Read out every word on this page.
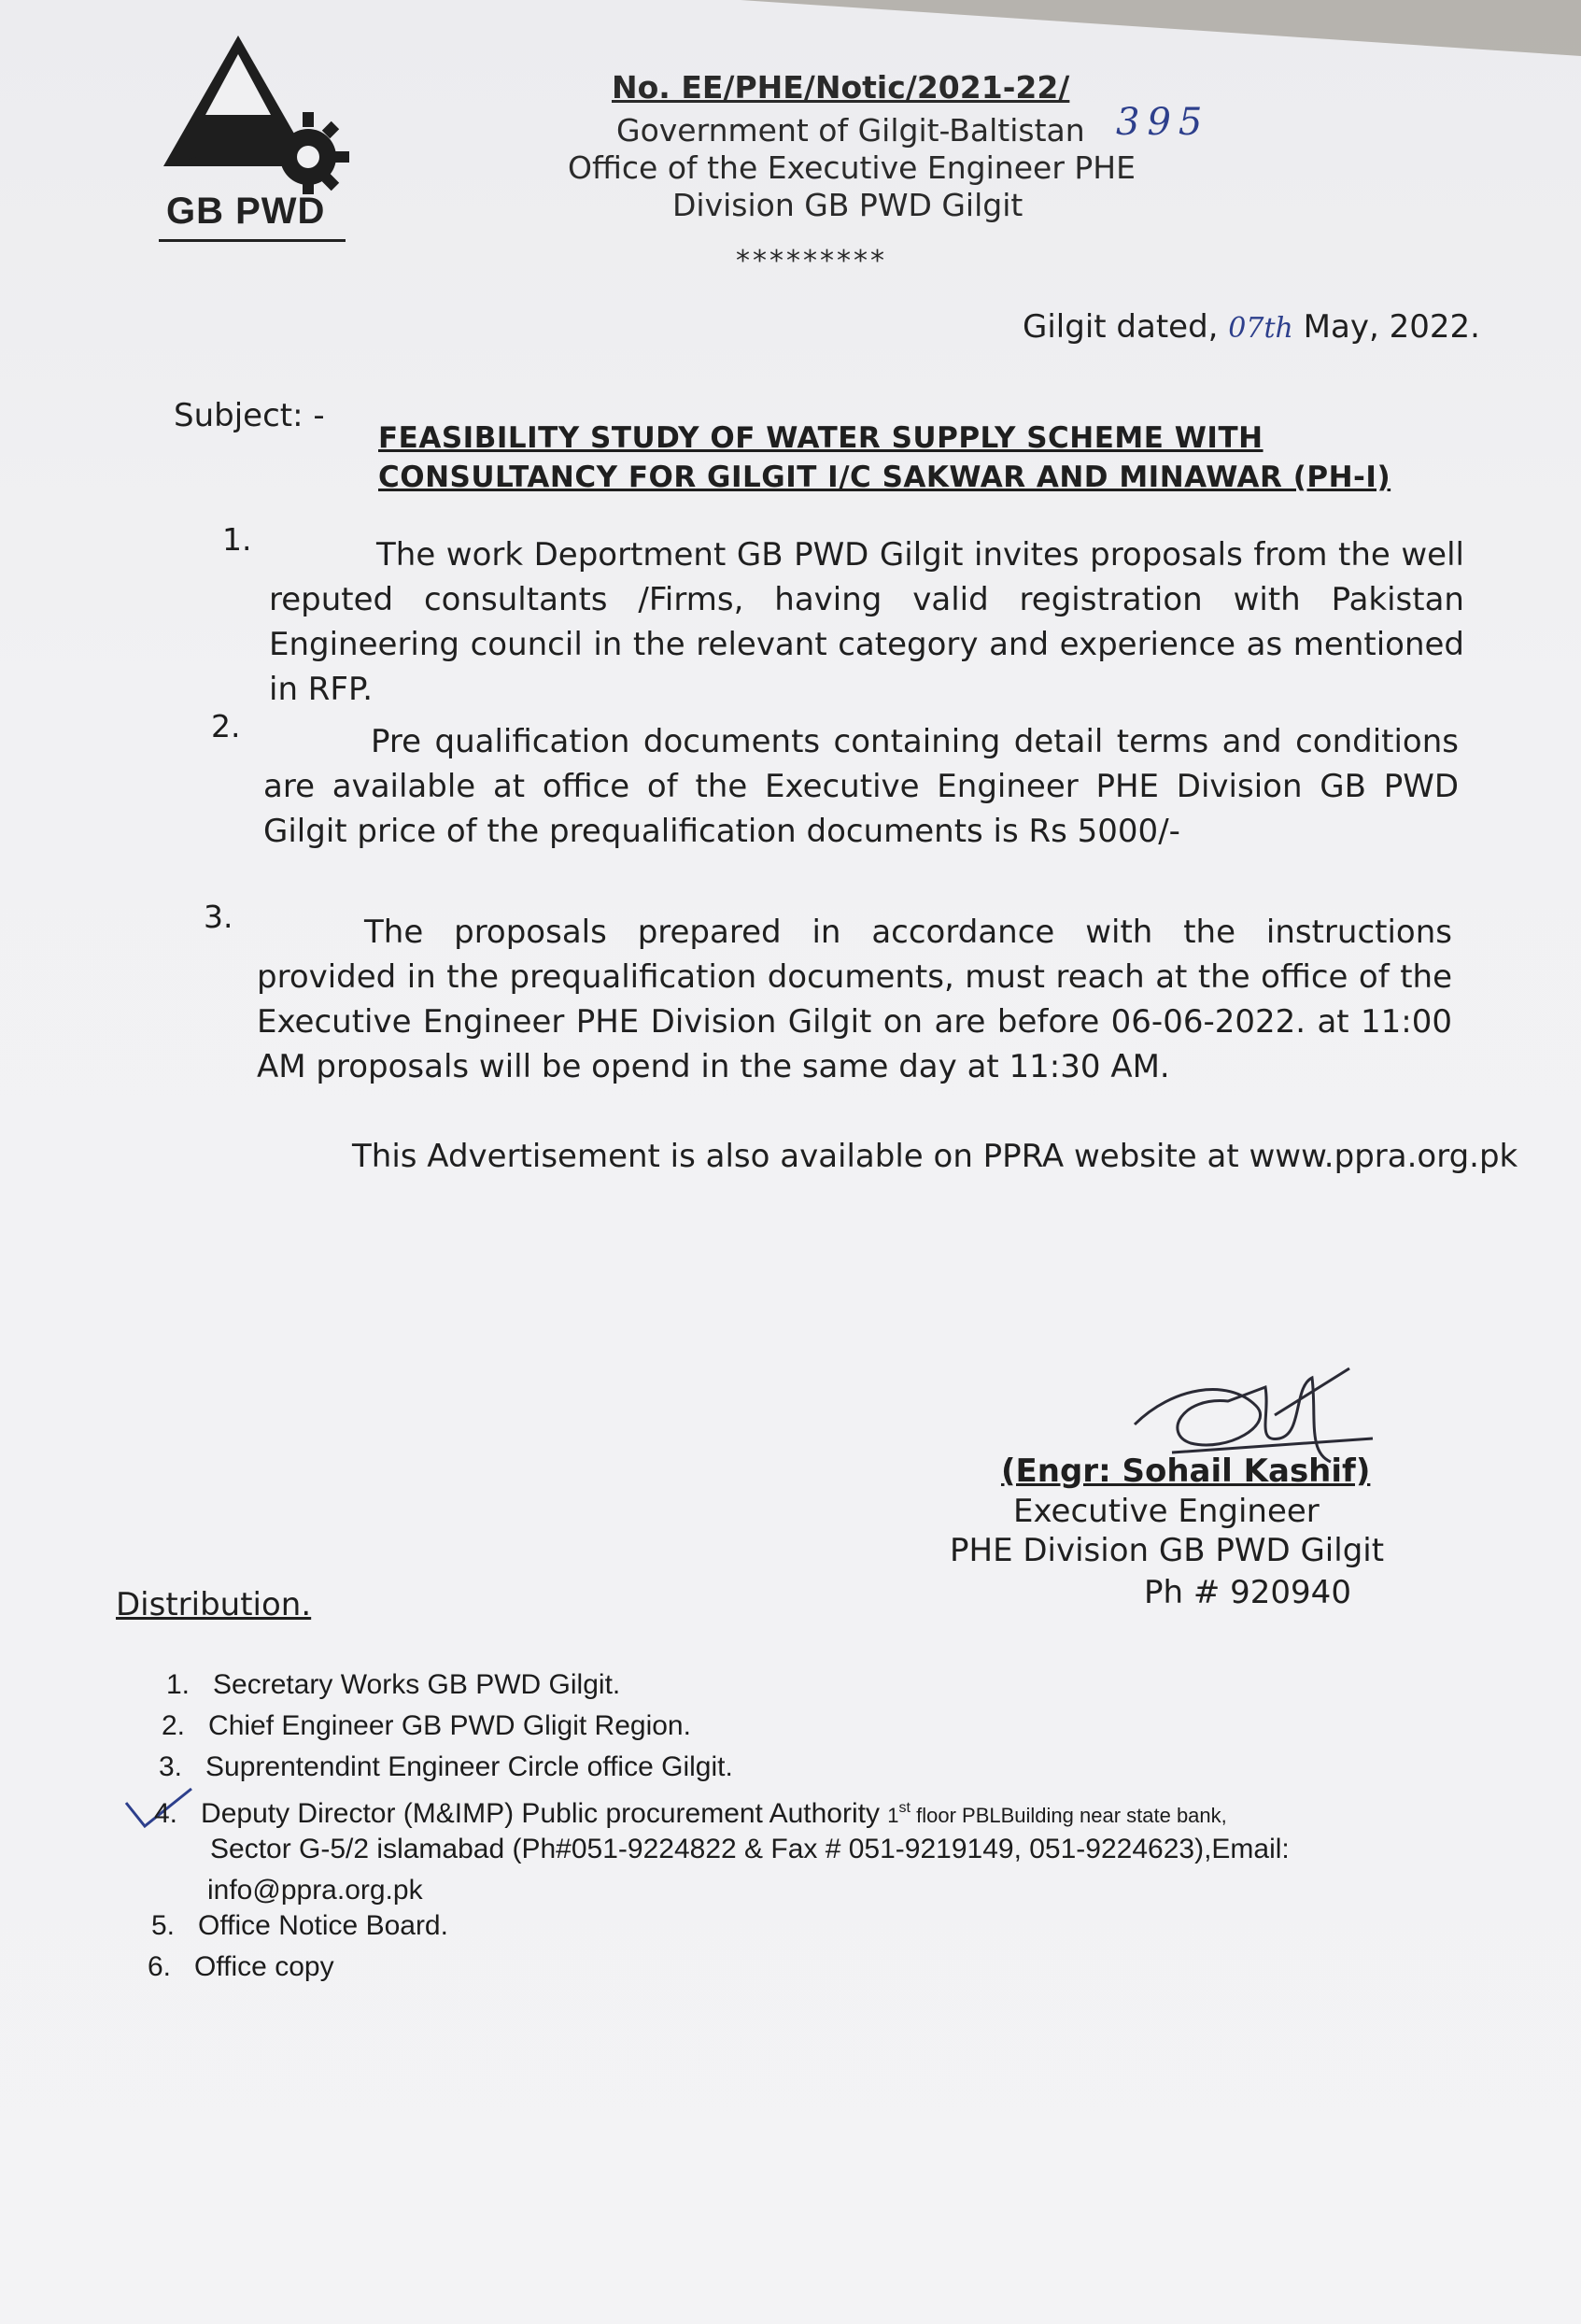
GB PWD
No. EE/PHE/Notic/2021-22/
395
Government of Gilgit-Baltistan
Office of the Executive Engineer PHE
Division GB PWD Gilgit
*********
Gilgit dated, 07th May, 2022.
Subject: -
FEASIBILITY STUDY OF WATER SUPPLY SCHEME WITH CONSULTANCY FOR GILGIT I/C SAKWAR AND MINAWAR (PH-I)
1.	The work Deportment GB PWD Gilgit invites proposals from the well reputed consultants /Firms, having valid registration with Pakistan Engineering council in the relevant category and experience as mentioned in RFP.
2.	Pre qualification documents containing detail terms and conditions are available at office of the Executive Engineer PHE Division GB PWD Gilgit price of the prequalification documents is Rs 5000/-
3.	The proposals prepared in accordance with the instructions provided in the prequalification documents, must reach at the office of the Executive Engineer PHE Division Gilgit on are before 06-06-2022. at 11:00 AM proposals will be opend in the same day at 11:30 AM.
This Advertisement is also available on PPRA website at www.ppra.org.pk
(Engr: Sohail Kashif)
Executive Engineer
PHE Division GB PWD Gilgit
Ph # 920940
Distribution.
1. Secretary Works GB PWD Gilgit.
2. Chief Engineer GB PWD Gligit Region.
3. Suprentendint Engineer Circle office Gilgit.
4. Deputy Director (M&IMP) Public procurement Authority 1st floor PBLBuilding near state bank,
Sector G-5/2 islamabad (Ph#051-9224822 & Fax # 051-9219149, 051-9224623),Email:
info@ppra.org.pk
5. Office Notice Board.
6. Office copy
